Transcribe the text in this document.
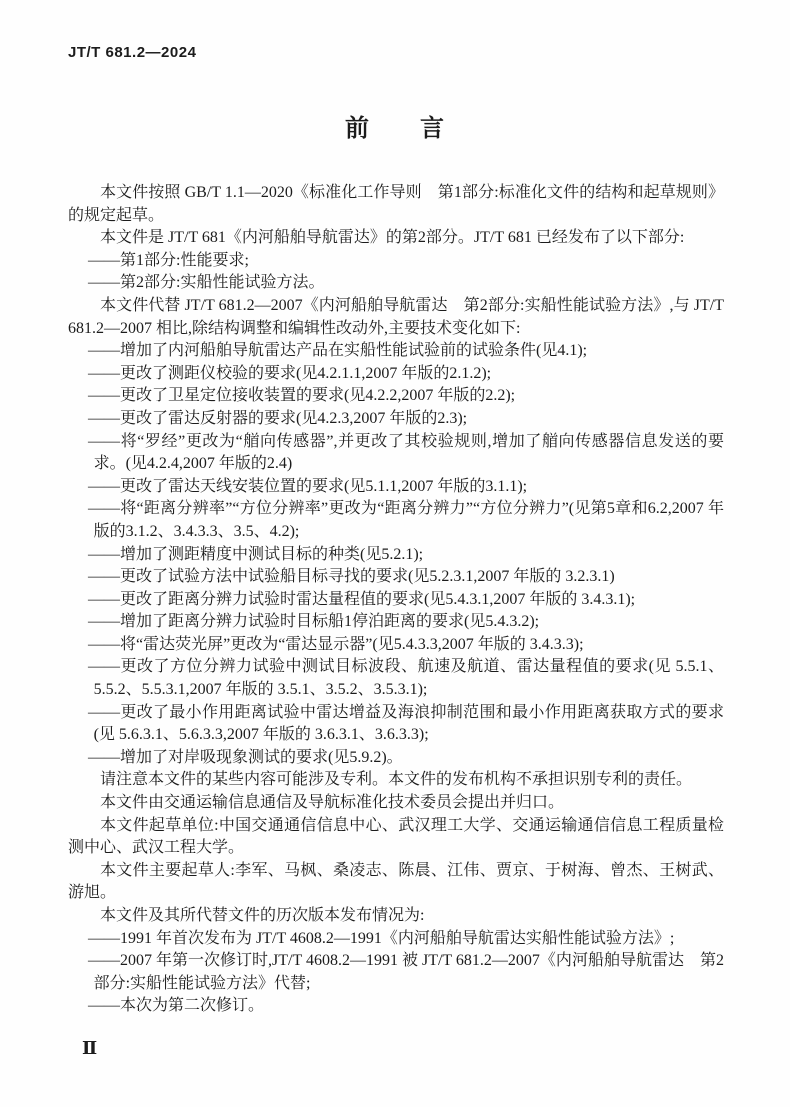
JT/T 681.2—2024
前　　言

本文件按照 GB/T 1.1—2020《标准化工作导则　第1部分:标准化文件的结构和起草规则》的规定起草。

本文件是 JT/T 681《内河船舶导航雷达》的第2部分。JT/T 681 已经发布了以下部分:

——第1部分:性能要求;

——第2部分:实船性能试验方法。

本文件代替 JT/T 681.2—2007《内河船舶导航雷达　第2部分:实船性能试验方法》,与 JT/T 681.2—2007 相比,除结构调整和编辑性改动外,主要技术变化如下:

——增加了内河船舶导航雷达产品在实船性能试验前的试验条件(见4.1);

——更改了测距仪校验的要求(见4.2.1.1,2007 年版的2.1.2);

——更改了卫星定位接收装置的要求(见4.2.2,2007 年版的2.2);

——更改了雷达反射器的要求(见4.2.3,2007 年版的2.3);

——将“罗经”更改为“艏向传感器”,并更改了其校验规则,增加了艏向传感器信息发送的要求。(见4.2.4,2007 年版的2.4)

——更改了雷达天线安装位置的要求(见5.1.1,2007 年版的3.1.1);

——将“距离分辨率”“方位分辨率”更改为“距离分辨力”“方位分辨力”(见第5章和6.2,2007 年版的3.1.2、3.4.3.3、3.5、4.2);

——增加了测距精度中测试目标的种类(见5.2.1);

——更改了试验方法中试验船目标寻找的要求(见5.2.3.1,2007 年版的 3.2.3.1)

——更改了距离分辨力试验时雷达量程值的要求(见5.4.3.1,2007 年版的 3.4.3.1);

——增加了距离分辨力试验时目标船1停泊距离的要求(见5.4.3.2);

——将“雷达荧光屏”更改为“雷达显示器”(见5.4.3.3,2007 年版的 3.4.3.3);

——更改了方位分辨力试验中测试目标波段、航速及航道、雷达量程值的要求(见 5.5.1、5.5.2、5.5.3.1,2007 年版的 3.5.1、3.5.2、3.5.3.1);

——更改了最小作用距离试验中雷达增益及海浪抑制范围和最小作用距离获取方式的要求(见 5.6.3.1、5.6.3.3,2007 年版的 3.6.3.1、3.6.3.3);

——增加了对岸吸现象测试的要求(见5.9.2)。

请注意本文件的某些内容可能涉及专利。本文件的发布机构不承担识别专利的责任。

本文件由交通运输信息通信及导航标准化技术委员会提出并归口。

本文件起草单位:中国交通通信信息中心、武汉理工大学、交通运输通信信息工程质量检测中心、武汉工程大学。

本文件主要起草人:李军、马枫、桑凌志、陈晨、江伟、贾京、于树海、曾杰、王树武、游旭。

本文件及其所代替文件的历次版本发布情况为:

——1991 年首次发布为 JT/T 4608.2—1991《内河船舶导航雷达实船性能试验方法》;

——2007 年第一次修订时,JT/T 4608.2—1991 被 JT/T 681.2—2007《内河船舶导航雷达　第2部分:实船性能试验方法》代替;

——本次为第二次修订。

Ⅱ
